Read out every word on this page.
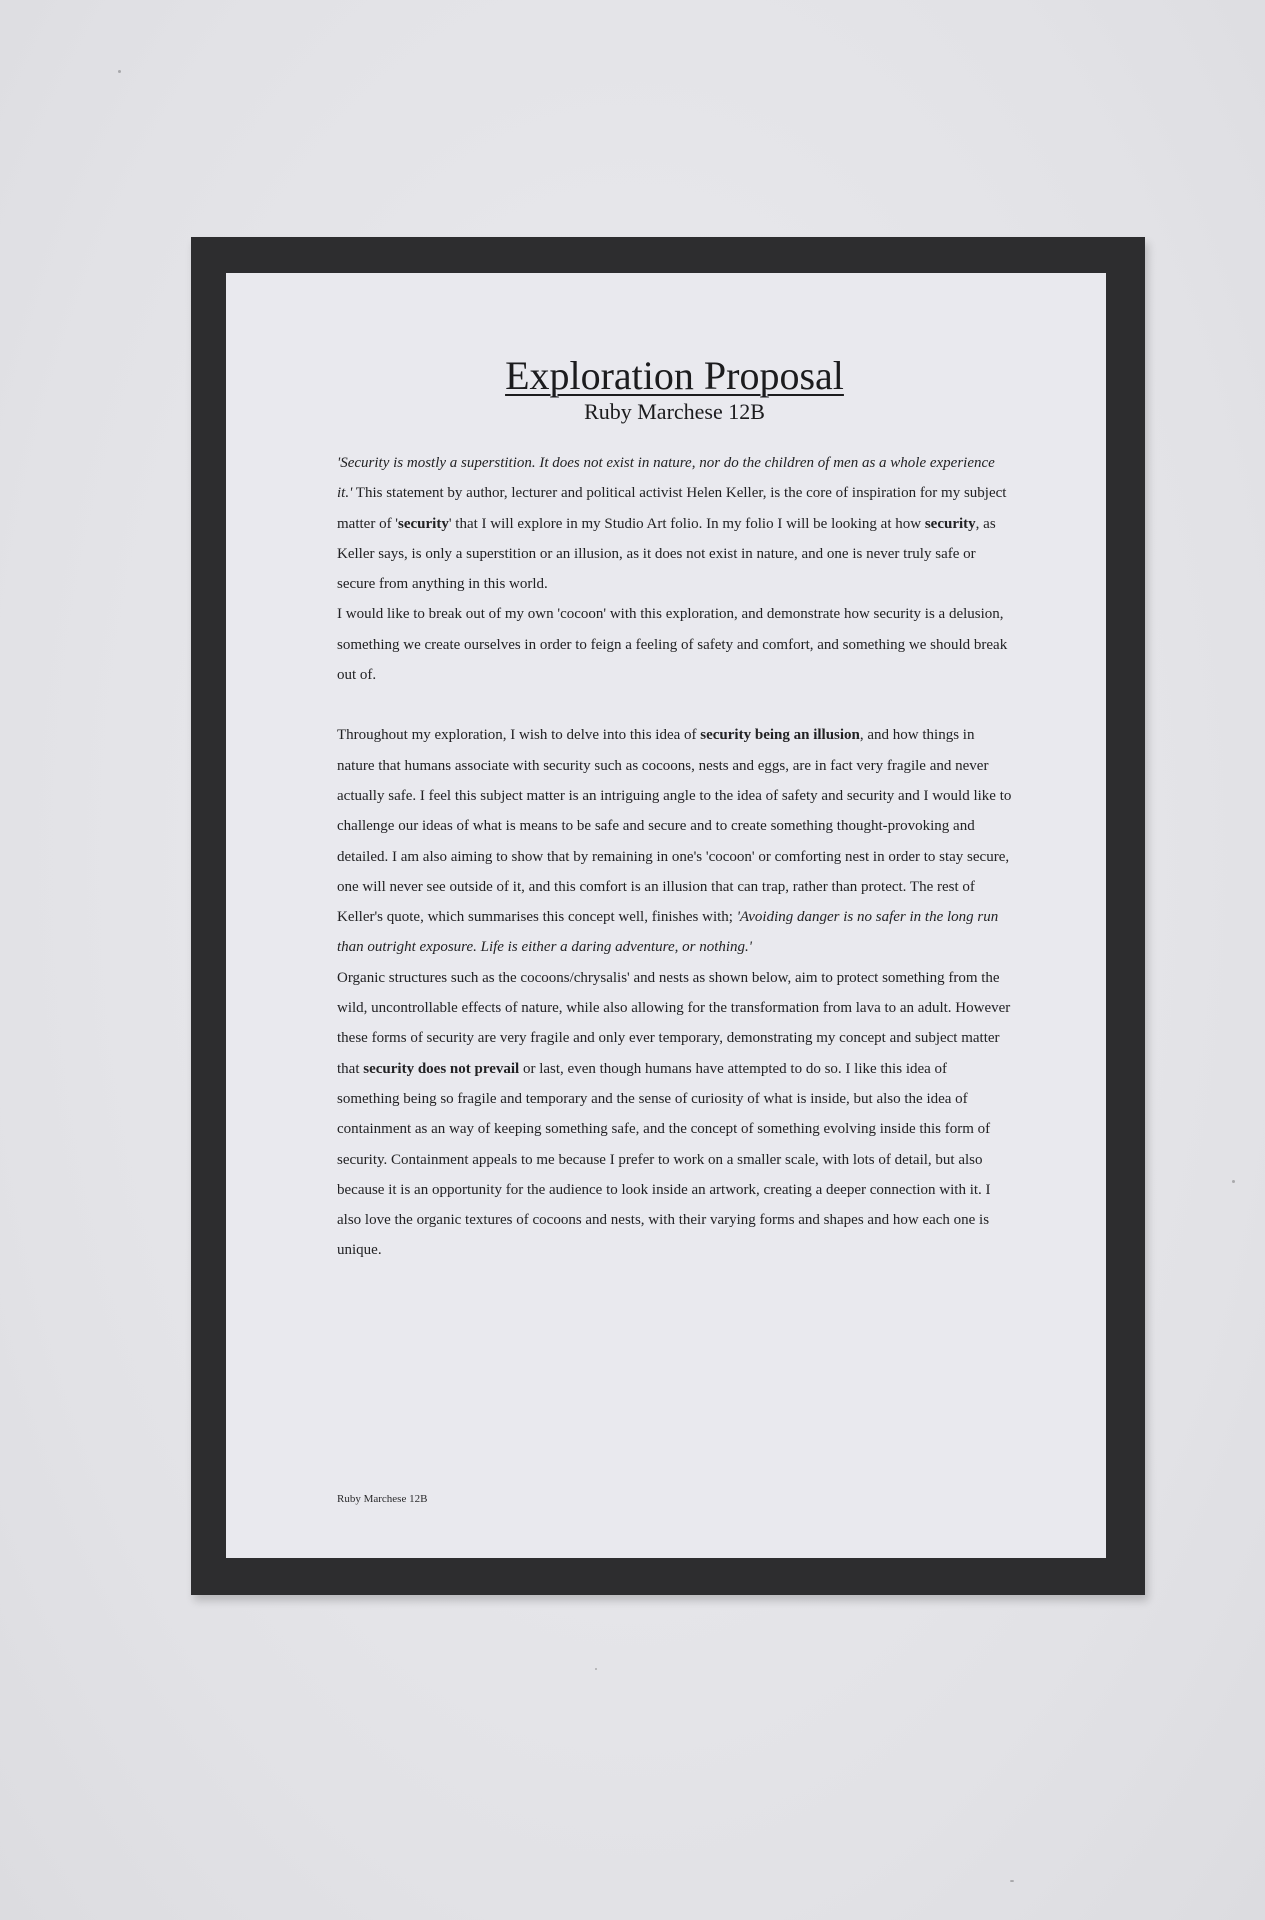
Exploration Proposal
Ruby Marchese 12B

'Security is mostly a superstition. It does not exist in nature, nor do the children of men as a whole experience it.' This statement by author, lecturer and political activist Helen Keller, is the core of inspiration for my subject matter of 'security' that I will explore in my Studio Art folio. In my folio I will be looking at how security, as Keller says, is only a superstition or an illusion, as it does not exist in nature, and one is never truly safe or secure from anything in this world.

I would like to break out of my own 'cocoon' with this exploration, and demonstrate how security is a delusion, something we create ourselves in order to feign a feeling of safety and comfort, and something we should break out of.

Throughout my exploration, I wish to delve into this idea of security being an illusion, and how things in nature that humans associate with security such as cocoons, nests and eggs, are in fact very fragile and never actually safe. I feel this subject matter is an intriguing angle to the idea of safety and security and I would like to challenge our ideas of what is means to be safe and secure and to create something thought-provoking and detailed. I am also aiming to show that by remaining in one's 'cocoon' or comforting nest in order to stay secure, one will never see outside of it, and this comfort is an illusion that can trap, rather than protect. The rest of Keller's quote, which summarises this concept well, finishes with; 'Avoiding danger is no safer in the long run than outright exposure. Life is either a daring adventure, or nothing.'

Organic structures such as the cocoons/chrysalis' and nests as shown below, aim to protect something from the wild, uncontrollable effects of nature, while also allowing for the transformation from lava to an adult. However these forms of security are very fragile and only ever temporary, demonstrating my concept and subject matter that security does not prevail or last, even though humans have attempted to do so. I like this idea of something being so fragile and temporary and the sense of curiosity of what is inside, but also the idea of containment as an way of keeping something safe, and the concept of something evolving inside this form of security. Containment appeals to me because I prefer to work on a smaller scale, with lots of detail, but also because it is an opportunity for the audience to look inside an artwork, creating a deeper connection with it. I also love the organic textures of cocoons and nests, with their varying forms and shapes and how each one is unique.

Ruby Marchese 12B
